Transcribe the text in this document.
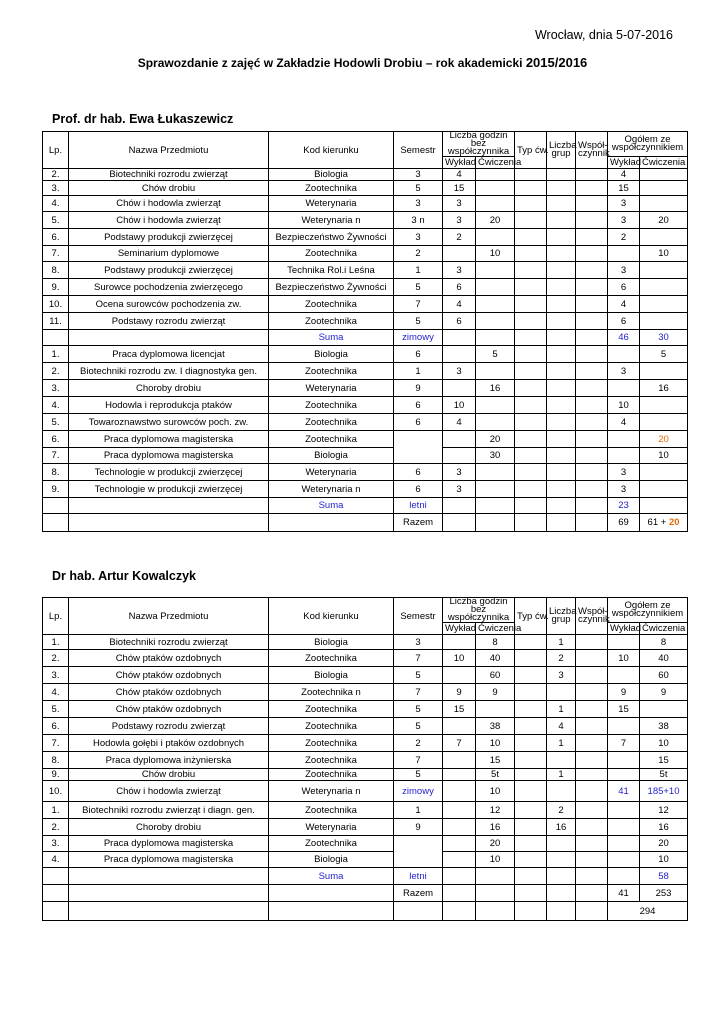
Wrocław, dnia 5-07-2016
Sprawozdanie z zajęć w Zakładzie Hodowli Drobiu – rok akademicki 2015/2016
Prof. dr hab. Ewa Łukaszewicz
Lp.	Nazwa Przedmiotu	Kod kierunku	Semestr	Liczba godzin bez współczynnika		Typ ćw.	Liczba grup	Współ-czynnik	Ogółem ze współczynnikiem	
				Wykład	Ćwiczenia				Wykład	Ćwiczenia
2.	Biotechniki rozrodu zwierząt	Biologia	3	4					4	
3.	Chów drobiu	Zootechnika	5	15					15	
4.	Chów i hodowla zwierząt	Weterynaria	3	3					3	
5.	Chów i hodowla zwierząt	Weterynaria n	3 n	3	20				3	20
6.	Podstawy produkcji zwierzęcej	Bezpieczeństwo Żywności	3	2					2	
7.	Seminarium dyplomowe	Zootechnika	2		10					10
8.	Podstawy produkcji zwierzęcej	Technika Rol.i Leśna	1	3					3	
9.	Surowce pochodzenia zwierzęcego	Bezpieczeństwo Żywności	5	6					6	
10.	Ocena surowców pochodzenia zw.	Zootechnika	7	4					4	
11.	Podstawy rozrodu zwierząt	Zootechnika	5	6					6	
		Suma	zimowy						46	30
1.	Praca dyplomowa licencjat	Biologia	6		5					5
2.	Biotechniki rozrodu zw. I diagnostyka gen.	Zootechnika	1	3					3	
3.	Choroby drobiu	Weterynaria	9		16					16
4.	Hodowla i reprodukcja ptaków	Zootechnika	6	10					10	
5.	Towaroznawstwo surowców poch. zw.	Zootechnika	6	4					4	
6.	Praca dyplomowa magisterska	Zootechnika			20					20
7.	Praca dyplomowa magisterska	Biologia			30					10
8.	Technologie w produkcji zwierzęcej	Weterynaria	6	3					3	
9.	Technologie w produkcji zwierzęcej	Weterynaria n	6	3					3	
		Suma	letni						23	
			Razem						69	61 + 20
Dr hab. Artur Kowalczyk
Lp.	Nazwa Przedmiotu	Kod kierunku	Semestr	Liczba godzin bez współczynnika		Typ ćw.	Liczba grup	Współ-czynnik	Ogółem ze współczynnikiem	
				Wykład	Ćwiczenia				Wykład	Ćwiczenia
1.	Biotechniki rozrodu zwierząt	Biologia	3		8		1			8
2.	Chów ptaków ozdobnych	Zootechnika	7	10	40		2		10	40
3.	Chów ptaków ozdobnych	Biologia	5		60		3			60
4.	Chów ptaków ozdobnych	Zootechnika n	7	9	9				9	9
5.	Chów ptaków ozdobnych	Zootechnika	5	15			1		15	
6.	Podstawy rozrodu zwierząt	Zootechnika	5		38		4			38
7.	Hodowla gołębi i ptaków ozdobnych	Zootechnika	2	7	10		1		7	10
8.	Praca dyplomowa inżynierska	Zootechnika	7		15					15
9.	Chów drobiu	Zootechnika	5		5t		1			5t
10.	Chów i hodowla zwierząt	Weterynaria n	zimowy		10				41	185+10
1.	Biotechniki rozrodu zwierząt i diagn. gen.	Zootechnika	1		12		2			12
2.	Choroby drobiu	Weterynaria	9		16		16			16
3.	Praca dyplomowa magisterska	Zootechnika			20					20
4.	Praca dyplomowa magisterska	Biologia			10					10
		Suma	letni							58
			Razem						41	253
									294	
